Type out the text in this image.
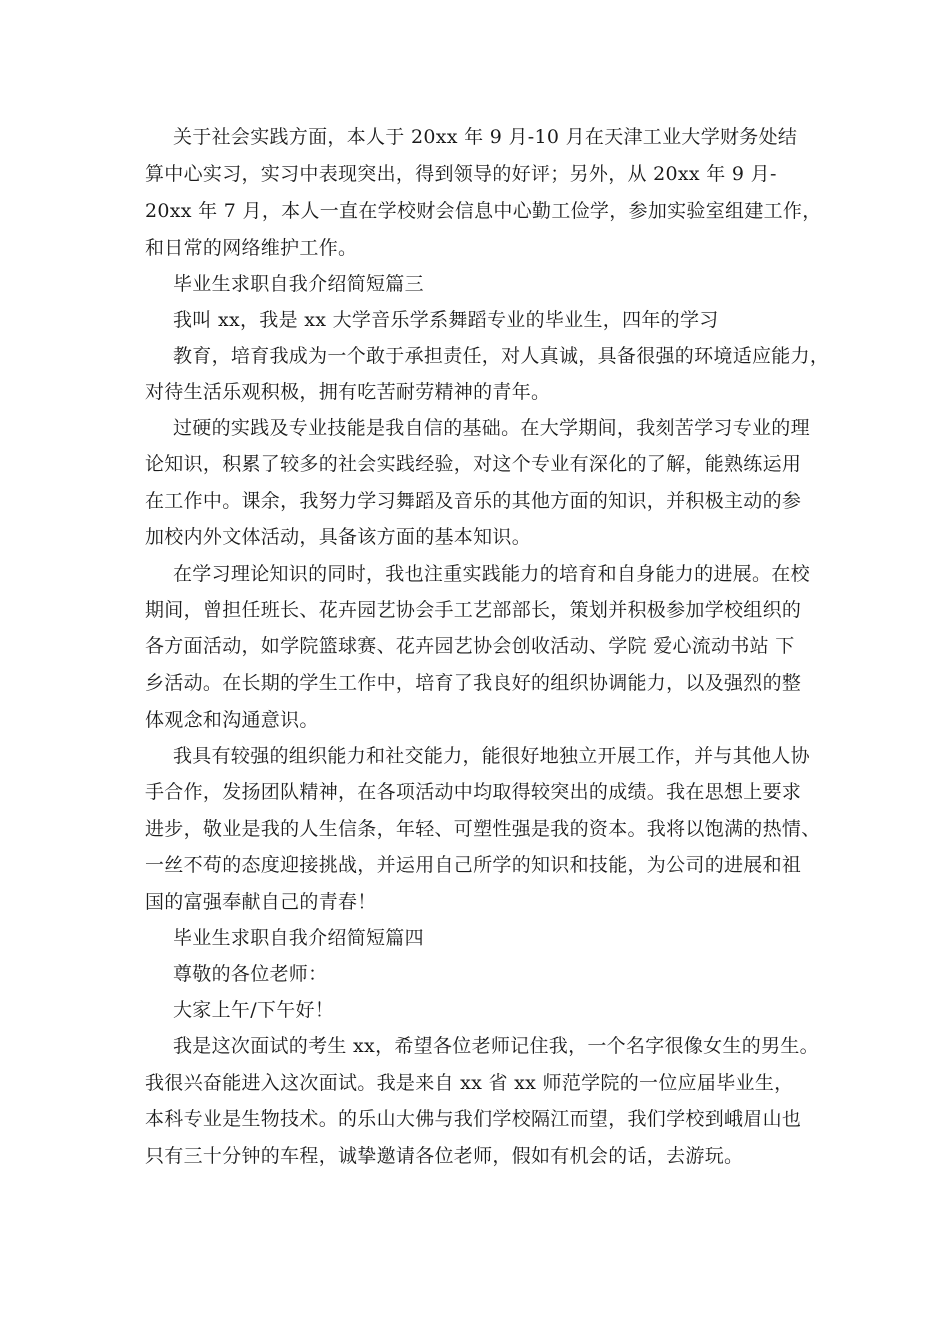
关于社会实践方面，本人于 20xx 年 9 月-10 月在天津工业大学财务处结
算中心实习，实习中表现突出，得到领导的好评；另外，从 20xx 年 9 月-
20xx 年 7 月，本人一直在学校财会信息中心勤工俭学，参加实验室组建工作，
和日常的网络维护工作。
毕业生求职自我介绍简短篇三
我叫 xx，我是 xx 大学音乐学系舞蹈专业的毕业生，四年的学习
教育，培育我成为一个敢于承担责任，对人真诚，具备很强的环境适应能力，
对待生活乐观积极，拥有吃苦耐劳精神的青年。
过硬的实践及专业技能是我自信的基础。在大学期间，我刻苦学习专业的理
论知识，积累了较多的社会实践经验，对这个专业有深化的了解，能熟练运用
在工作中。课余，我努力学习舞蹈及音乐的其他方面的知识，并积极主动的参
加校内外文体活动，具备该方面的基本知识。
在学习理论知识的同时，我也注重实践能力的培育和自身能力的进展。在校
期间，曾担任班长、花卉园艺协会手工艺部部长，策划并积极参加学校组织的
各方面活动，如学院篮球赛、花卉园艺协会创收活动、学院 爱心流动书站 下
乡活动。在长期的学生工作中，培育了我良好的组织协调能力，以及强烈的整
体观念和沟通意识。
我具有较强的组织能力和社交能力，能很好地独立开展工作，并与其他人协
手合作，发扬团队精神，在各项活动中均取得较突出的成绩。我在思想上要求
进步，敬业是我的人生信条，年轻、可塑性强是我的资本。我将以饱满的热情、
一丝不苟的态度迎接挑战，并运用自己所学的知识和技能，为公司的进展和祖
国的富强奉献自己的青春！
毕业生求职自我介绍简短篇四
尊敬的各位老师：
大家上午/下午好！
我是这次面试的考生 xx，希望各位老师记住我，一个名字很像女生的男生。
我很兴奋能进入这次面试。我是来自 xx 省 xx 师范学院的一位应届毕业生，
本科专业是生物技术。的乐山大佛与我们学校隔江而望，我们学校到峨眉山也
只有三十分钟的车程，诚挚邀请各位老师，假如有机会的话，去游玩。
